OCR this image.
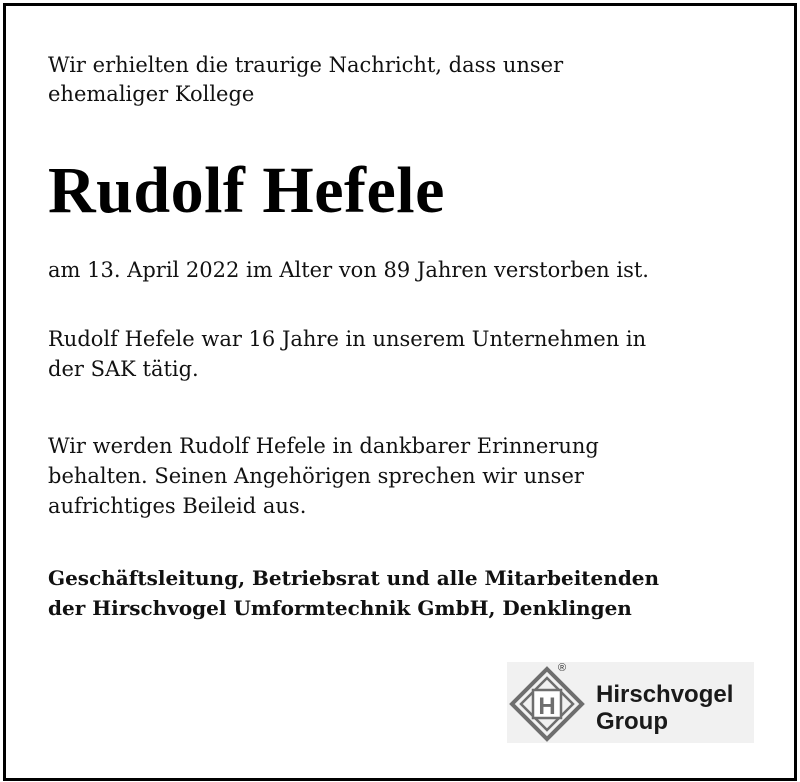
Wir erhielten die traurige Nachricht, dass unser
ehemaliger Kollege

Rudolf Hefele

am 13. April 2022 im Alter von 89 Jahren verstorben ist.

Rudolf Hefele war 16 Jahre in unserem Unternehmen in
der SAK tätig.

Wir werden Rudolf Hefele in dankbarer Erinnerung
behalten. Seinen Angehörigen sprechen wir unser
aufrichtiges Beileid aus.

Geschäftsleitung, Betriebsrat und alle Mitarbeitenden
der Hirschvogel Umformtechnik GmbH, Denklingen

H
®
Hirschvogel
Group
